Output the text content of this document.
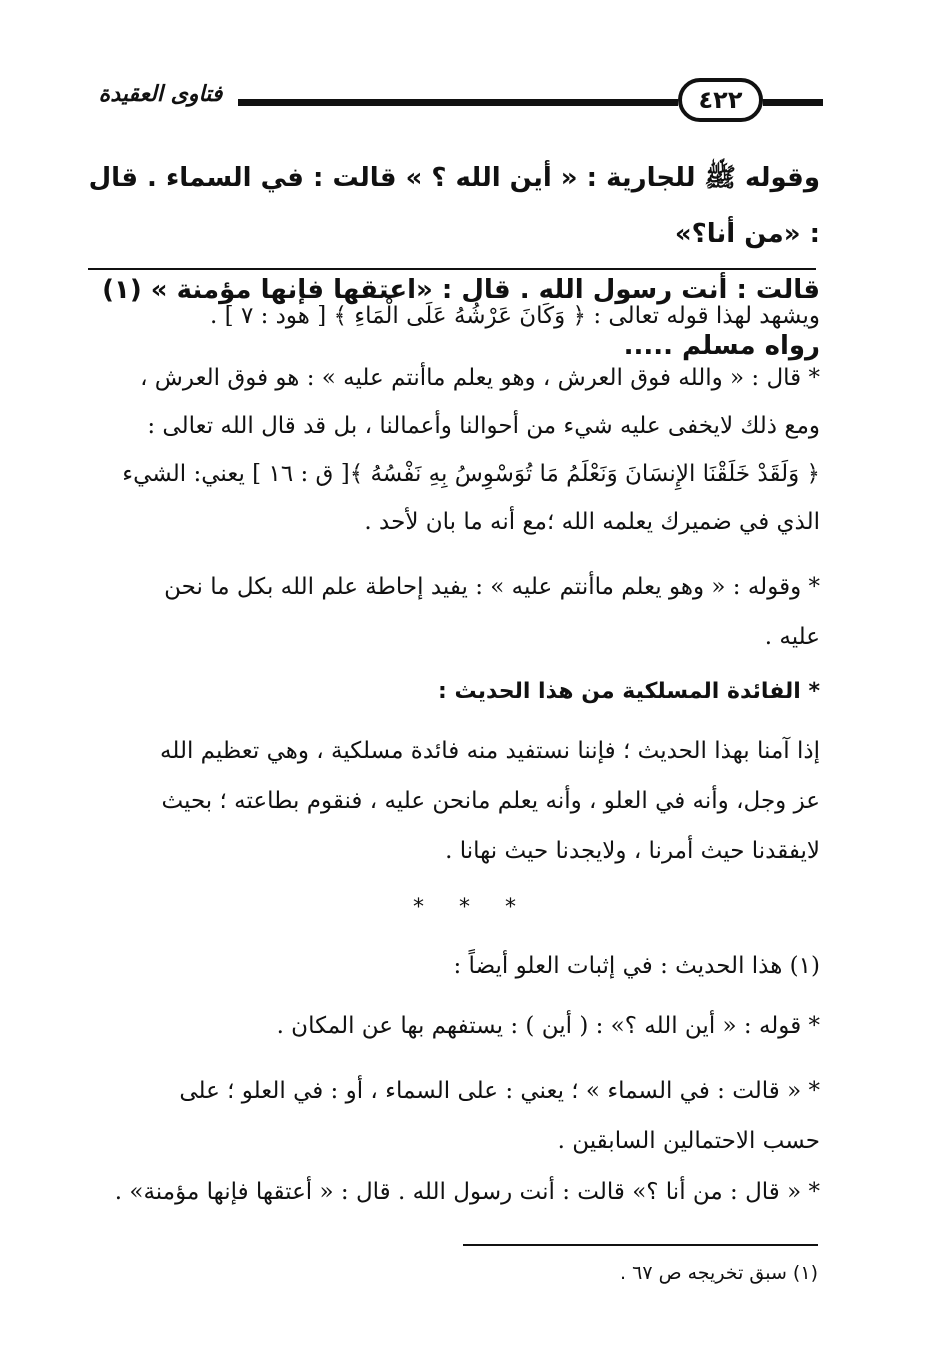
فتاوى العقيدة	٤٢٢
وقوله ﷺ للجارية : « أين الله ؟ » قالت : في السماء . قال : «من أنا؟»
قالت : أنت رسول الله . قال : «اعتقها فإنها مؤمنة » (١) رواه مسلم .....
ويشهد لهذا قوله تعالى : ﴿ وَكَانَ عَرْشُهُ عَلَى الْمَاءِ ﴾ [ هود : ٧ ] .
* قال : « والله فوق العرش ، وهو يعلم ماأنتم عليه » : هو فوق العرش ،
ومع ذلك لايخفى عليه شيء من أحوالنا وأعمالنا ، بل قد قال الله تعالى :
﴿ وَلَقَدْ خَلَقْنَا الإِنسَانَ وَنَعْلَمُ مَا تُوَسْوِسُ بِهِ نَفْسُهُ ﴾[ ق : ١٦ ] يعني: الشيء
الذي في ضميرك يعلمه الله ؛مع أنه ما بان لأحد .
* وقوله : « وهو يعلم ماأنتم عليه » : يفيد إحاطة علم الله بكل ما نحن
عليه .
* الفائدة المسلكية من هذا الحديث :
إذا آمنا بهذا الحديث ؛ فإننا نستفيد منه فائدة مسلكية ، وهي تعظيم الله
عز وجل، وأنه في العلو ، وأنه يعلم مانحن عليه ، فنقوم بطاعته ؛ بحيث
لايفقدنا حيث أمرنا ، ولايجدنا حيث نهانا .
* * *
(١) هذا الحديث : في إثبات العلو أيضاً :
* قوله : « أين الله ؟» : ( أين ) : يستفهم بها عن المكان .
* « قالت : في السماء » ؛ يعني : على السماء ، أو : في العلو ؛ على
حسب الاحتمالين السابقين .
* « قال : من أنا ؟» قالت : أنت رسول الله . قال : « أعتقها فإنها مؤمنة» .
(١) سبق تخريجه ص ٦٧ .
